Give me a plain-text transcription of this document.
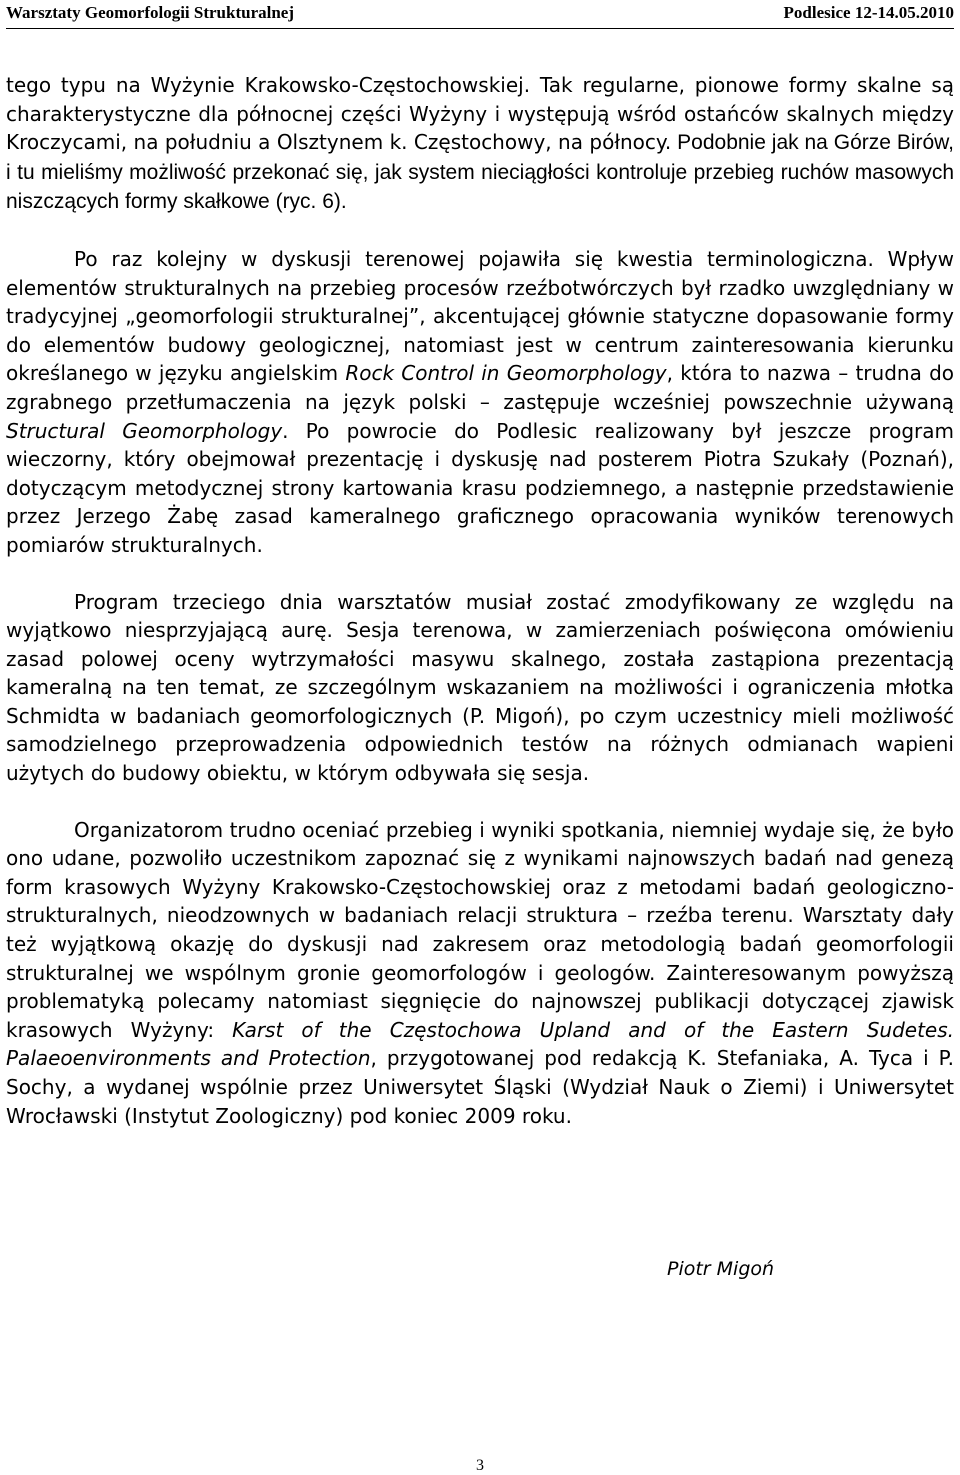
Warsztaty Geomorfologii Strukturalnej	Podlesice 12-14.05.2010

tego typu na Wyżynie Krakowsko-Częstochowskiej. Tak regularne, pionowe formy skalne są charakterystyczne dla północnej części Wyżyny i występują wśród ostańców skalnych między Kroczycami, na południu a Olsztynem k. Częstochowy, na północy. Podobnie jak na Górze Birów, i tu mieliśmy możliwość przekonać się, jak system nieciągłości kontroluje przebieg ruchów masowych niszczących formy skałkowe (ryc. 6).

Po raz kolejny w dyskusji terenowej pojawiła się kwestia terminologiczna. Wpływ elementów strukturalnych na przebieg procesów rzeźbotwórczych był rzadko uwzględniany w tradycyjnej „geomorfologii strukturalnej”, akcentującej głównie statyczne dopasowanie formy do elementów budowy geologicznej, natomiast jest w centrum zainteresowania kierunku określanego w języku angielskim Rock Control in Geomorphology, która to nazwa – trudna do zgrabnego przetłumaczenia na język polski – zastępuje wcześniej powszechnie używaną Structural Geomorphology. Po powrocie do Podlesic realizowany był jeszcze program wieczorny, który obejmował prezentację i dyskusję nad posterem Piotra Szukały (Poznań), dotyczącym metodycznej strony kartowania krasu podziemnego, a następnie przedstawienie przez Jerzego Żabę zasad kameralnego graficznego opracowania wyników terenowych pomiarów strukturalnych.

Program trzeciego dnia warsztatów musiał zostać zmodyfikowany ze względu na wyjątkowo niesprzyjającą aurę. Sesja terenowa, w zamierzeniach poświęcona omówieniu zasad polowej oceny wytrzymałości masywu skalnego, została zastąpiona prezentacją kameralną na ten temat, ze szczególnym wskazaniem na możliwości i ograniczenia młotka Schmidta w badaniach geomorfologicznych (P. Migoń), po czym uczestnicy mieli możliwość samodzielnego przeprowadzenia odpowiednich testów na różnych odmianach wapieni użytych do budowy obiektu, w którym odbywała się sesja.

Organizatorom trudno oceniać przebieg i wyniki spotkania, niemniej wydaje się, że było ono udane, pozwoliło uczestnikom zapoznać się z wynikami najnowszych badań nad genezą form krasowych Wyżyny Krakowsko-Częstochowskiej oraz z metodami badań geologiczno-strukturalnych, nieodzownych w badaniach relacji struktura – rzeźba terenu. Warsztaty dały też wyjątkową okazję do dyskusji nad zakresem oraz metodologią badań geomorfologii strukturalnej we wspólnym gronie geomorfologów i geologów. Zainteresowanym powyższą problematyką polecamy natomiast sięgnięcie do najnowszej publikacji dotyczącej zjawisk krasowych Wyżyny: Karst of the Częstochowa Upland and of the Eastern Sudetes. Palaeoenvironments and Protection, przygotowanej pod redakcją K. Stefaniaka, A. Tyca i P. Sochy, a wydanej wspólnie przez Uniwersytet Śląski (Wydział Nauk o Ziemi) i Uniwersytet Wrocławski (Instytut Zoologiczny) pod koniec 2009 roku.

Piotr Migoń
3
